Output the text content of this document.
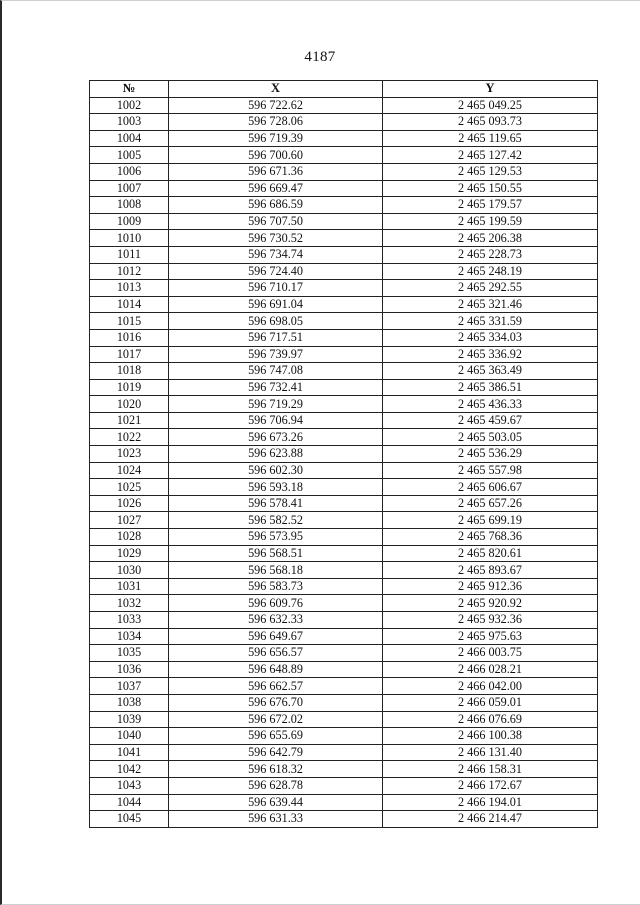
4187
№	X	Y
1002	596 722.62	2 465 049.25
1003	596 728.06	2 465 093.73
1004	596 719.39	2 465 119.65
1005	596 700.60	2 465 127.42
1006	596 671.36	2 465 129.53
1007	596 669.47	2 465 150.55
1008	596 686.59	2 465 179.57
1009	596 707.50	2 465 199.59
1010	596 730.52	2 465 206.38
1011	596 734.74	2 465 228.73
1012	596 724.40	2 465 248.19
1013	596 710.17	2 465 292.55
1014	596 691.04	2 465 321.46
1015	596 698.05	2 465 331.59
1016	596 717.51	2 465 334.03
1017	596 739.97	2 465 336.92
1018	596 747.08	2 465 363.49
1019	596 732.41	2 465 386.51
1020	596 719.29	2 465 436.33
1021	596 706.94	2 465 459.67
1022	596 673.26	2 465 503.05
1023	596 623.88	2 465 536.29
1024	596 602.30	2 465 557.98
1025	596 593.18	2 465 606.67
1026	596 578.41	2 465 657.26
1027	596 582.52	2 465 699.19
1028	596 573.95	2 465 768.36
1029	596 568.51	2 465 820.61
1030	596 568.18	2 465 893.67
1031	596 583.73	2 465 912.36
1032	596 609.76	2 465 920.92
1033	596 632.33	2 465 932.36
1034	596 649.67	2 465 975.63
1035	596 656.57	2 466 003.75
1036	596 648.89	2 466 028.21
1037	596 662.57	2 466 042.00
1038	596 676.70	2 466 059.01
1039	596 672.02	2 466 076.69
1040	596 655.69	2 466 100.38
1041	596 642.79	2 466 131.40
1042	596 618.32	2 466 158.31
1043	596 628.78	2 466 172.67
1044	596 639.44	2 466 194.01
1045	596 631.33	2 466 214.47
